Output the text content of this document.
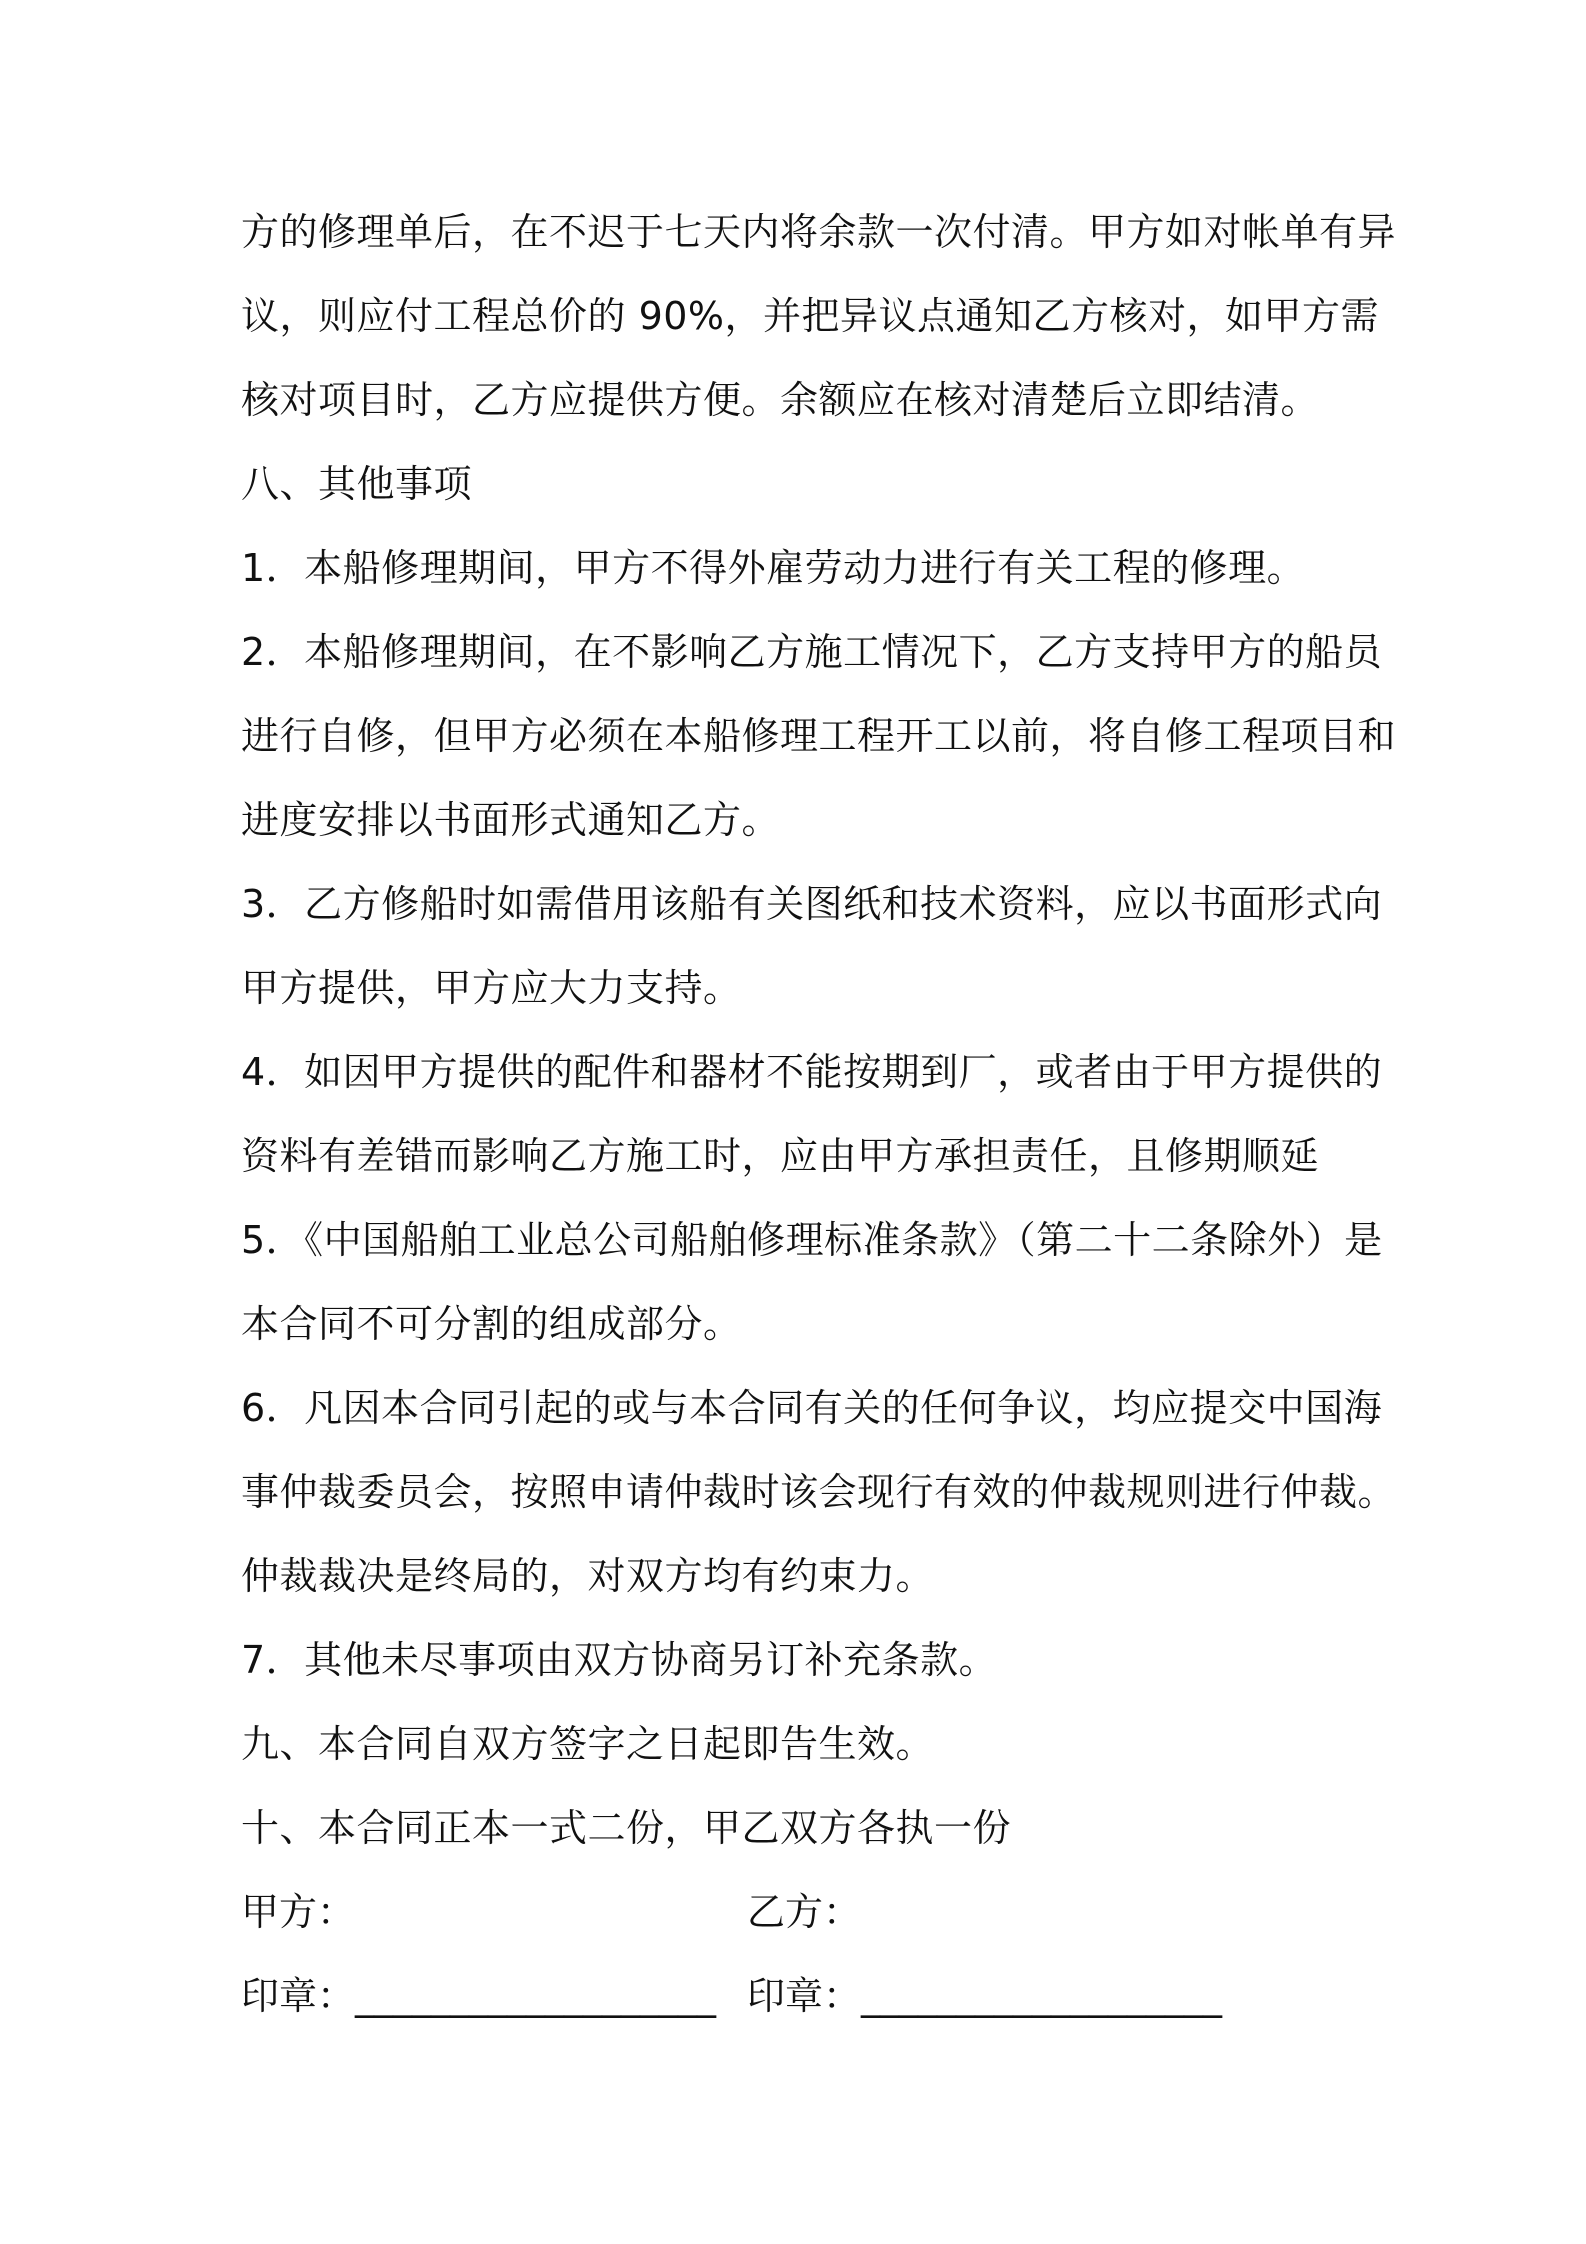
方的修理单后，在不迟于七天内将余款一次付清。甲方如对帐单有异
议，则应付工程总价的 90%，并把异议点通知乙方核对，如甲方需
核对项目时，乙方应提供方便。余额应在核对清楚后立即结清。
八、其他事项
1．本船修理期间，甲方不得外雇劳动力进行有关工程的修理。
2．本船修理期间，在不影响乙方施工情况下，乙方支持甲方的船员
进行自修，但甲方必须在本船修理工程开工以前，将自修工程项目和
进度安排以书面形式通知乙方。
3．乙方修船时如需借用该船有关图纸和技术资料，应以书面形式向
甲方提供，甲方应大力支持。
4．如因甲方提供的配件和器材不能按期到厂，或者由于甲方提供的
资料有差错而影响乙方施工时，应由甲方承担责任，且修期顺延
5．《中国船舶工业总公司船舶修理标准条款》（第二十二条除外）是
本合同不可分割的组成部分。
6．凡因本合同引起的或与本合同有关的任何争议，均应提交中国海
事仲裁委员会，按照申请仲裁时该会现行有效的仲裁规则进行仲裁。
仲裁裁决是终局的，对双方均有约束力。
7．其他未尽事项由双方协商另订补充条款。
九、本合同自双方签字之日起即告生效。
十、本合同正本一式二份，甲乙双方各执一份
甲方：	乙方：
印章：___________________ 印章：___________________
